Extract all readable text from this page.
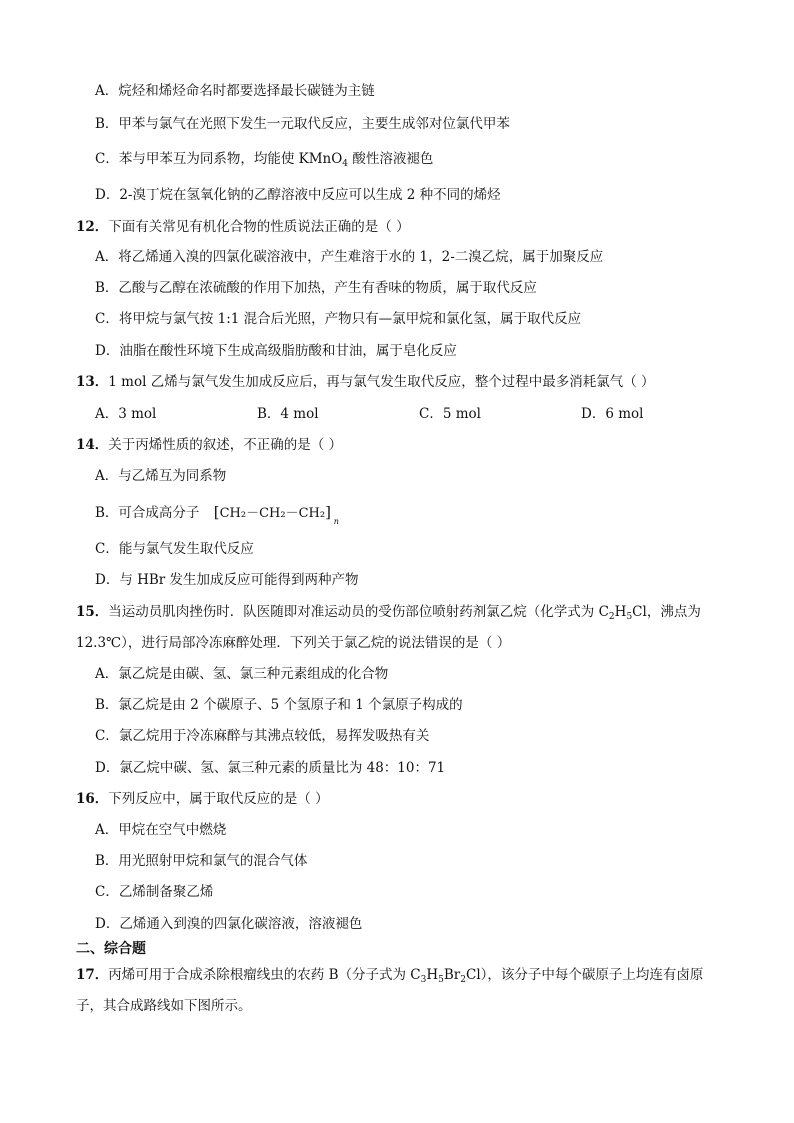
A．烷烃和烯烃命名时都要选择最长碳链为主链
B．甲苯与氯气在光照下发生一元取代反应，主要生成邻对位氯代甲苯
C．苯与甲苯互为同系物，均能使 KMnO$_4$ 酸性溶液褪色
D．2-溴丁烷在氢氧化钠的乙醇溶液中反应可以生成 2 种不同的烯烃
12．下面有关常见有机化合物的性质说法正确的是（ ）
A．将乙烯通入溴的四氯化碳溶液中，产生难溶于水的 1，2-二溴乙烷，属于加聚反应
B．乙酸与乙醇在浓硫酸的作用下加热，产生有香味的物质，属于取代反应
C．将甲烷与氯气按 1:1 混合后光照，产物只有—氯甲烷和氯化氢，属于取代反应
D．油脂在酸性环境下生成高级脂肪酸和甘油，属于皂化反应
13．1 mol 乙烯与氯气发生加成反应后，再与氯气发生取代反应，整个过程中最多消耗氯气（ ）
A．3 mol	B．4 mol	C．5 mol	D．6 mol
14．关于丙烯性质的叙述，不正确的是（ ）
A．与乙烯互为同系物
B．可合成高分子 [CH₂－CH₂－CH₂]
n
C．能与氯气发生取代反应
D．与 HBr 发生加成反应可能得到两种产物
15．当运动员肌肉挫伤时．队医随即对准运动员的受伤部位喷射药剂氯乙烷（化学式为 $C_2H_5Cl$，沸点为
12.3℃），进行局部冷冻麻醉处理．下列关于氯乙烷的说法错误的是（ ）
A．氯乙烷是由碳、氢、氯三种元素组成的化合物
B．氯乙烷是由 2 个碳原子、5 个氢原子和 1 个氯原子构成的
C．氯乙烷用于冷冻麻醉与其沸点较低，易挥发吸热有关
D．氯乙烷中碳、氢、氯三种元素的质量比为 48：10：71
16．下列反应中，属于取代反应的是（ ）
A．甲烷在空气中燃烧
B．用光照射甲烷和氯气的混合气体
C．乙烯制备聚乙烯
D．乙烯通入到溴的四氯化碳溶液，溶液褪色
二、综合题
17．丙烯可用于合成杀除根瘤线虫的农药 B（分子式为 $C_3H_5Br_2Cl$），该分子中每个碳原子上均连有卤原
子，其合成路线如下图所示。
